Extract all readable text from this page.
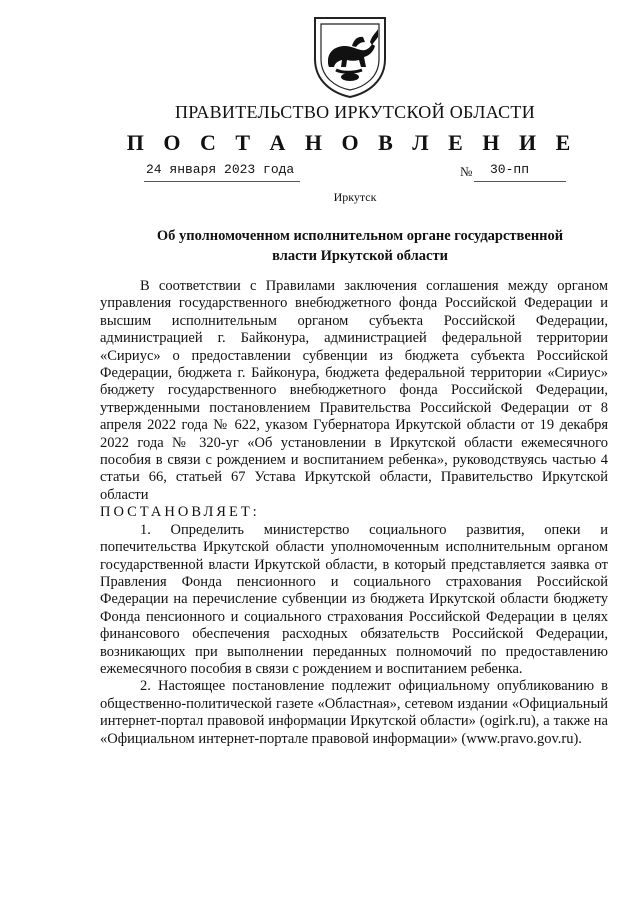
ПРАВИТЕЛЬСТВО ИРКУТСКОЙ ОБЛАСТИ
П О С Т А Н О В Л Е Н И Е
24 января 2023 года	№ 30-пп
Иркутск
Об уполномоченном исполнительном органе государственной
власти Иркутской области

В соответствии с Правилами заключения соглашения между органом управления государственного внебюджетного фонда Российской Федерации и высшим исполнительным органом субъекта Российской Федерации, администрацией г. Байконура, администрацией федеральной территории «Сириус» о предоставлении субвенции из бюджета субъекта Российской Федерации, бюджета г. Байконура, бюджета федеральной территории «Сириус» бюджету государственного внебюджетного фонда Российской Федерации, утвержденными постановлением Правительства Российской Федерации от 8 апреля 2022 года № 622, указом Губернатора Иркутской области от 19 декабря 2022 года № 320-уг «Об установлении в Иркутской области ежемесячного пособия в связи с рождением и воспитанием ребенка», руководствуясь частью 4 статьи 66, статьей 67 Устава Иркутской области, Правительство Иркутской области

ПОСТАНОВЛЯЕТ:

1. Определить министерство социального развития, опеки и попечительства Иркутской области уполномоченным исполнительным органом государственной власти Иркутской области, в который представляется заявка от Правления Фонда пенсионного и социального страхования Российской Федерации на перечисление субвенции из бюджета Иркутской области бюджету Фонда пенсионного и социального страхования Российской Федерации в целях финансового обеспечения расходных обязательств Российской Федерации, возникающих при выполнении переданных полномочий по предоставлению ежемесячного пособия в связи с рождением и воспитанием ребенка.

2. Настоящее постановление подлежит официальному опубликованию в общественно-политической газете «Областная», сетевом издании «Официальный интернет-портал правовой информации Иркутской области» (ogirk.ru), а также на «Официальном интернет-портале правовой информации» (www.pravo.gov.ru).
